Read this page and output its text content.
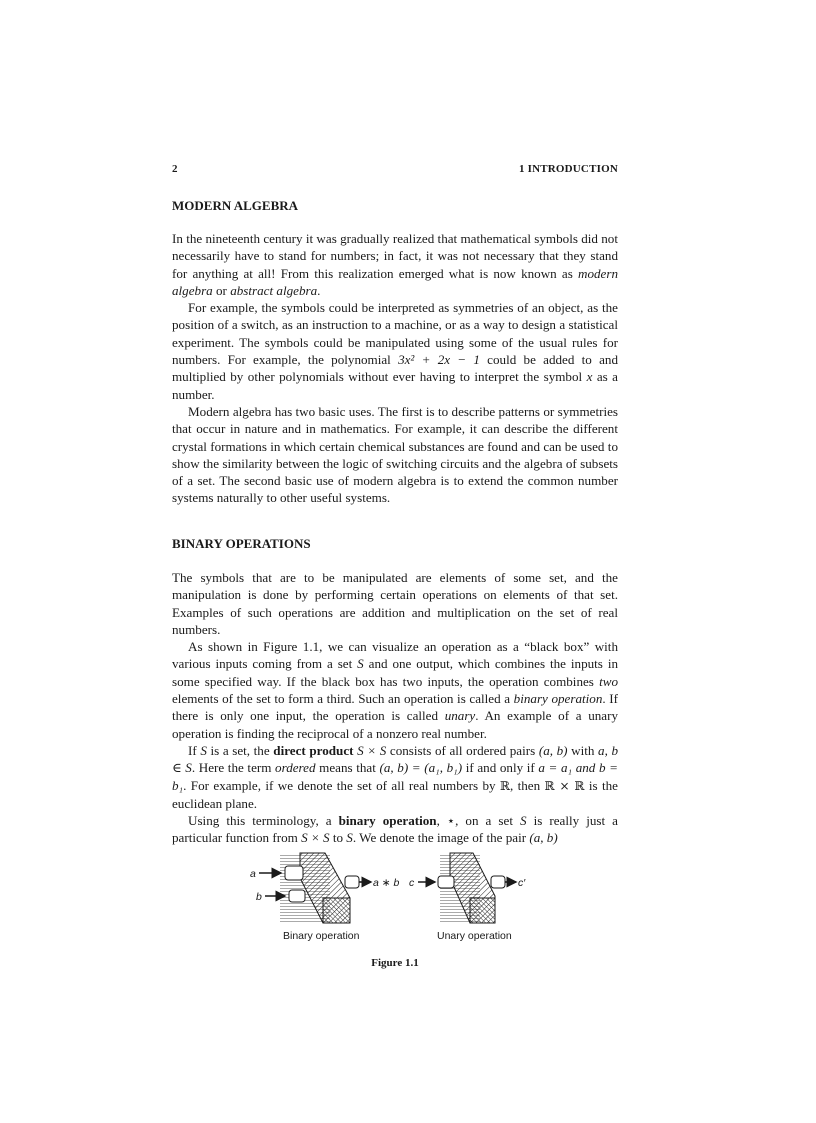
2	1 INTRODUCTION
MODERN ALGEBRA

In the nineteenth century it was gradually realized that mathematical symbols did not necessarily have to stand for numbers; in fact, it was not necessary that they stand for anything at all! From this realization emerged what is now known as modern algebra or abstract algebra.

For example, the symbols could be interpreted as symmetries of an object, as the position of a switch, as an instruction to a machine, or as a way to design a statistical experiment. The symbols could be manipulated using some of the usual rules for numbers. For example, the polynomial 3x² + 2x − 1 could be added to and multiplied by other polynomials without ever having to interpret the symbol x as a number.

Modern algebra has two basic uses. The first is to describe patterns or symmetries that occur in nature and in mathematics. For example, it can describe the different crystal formations in which certain chemical substances are found and can be used to show the similarity between the logic of switching circuits and the algebra of subsets of a set. The second basic use of modern algebra is to extend the common number systems naturally to other useful systems.

BINARY OPERATIONS

The symbols that are to be manipulated are elements of some set, and the manipulation is done by performing certain operations on elements of that set. Examples of such operations are addition and multiplication on the set of real numbers.

As shown in Figure 1.1, we can visualize an operation as a “black box” with various inputs coming from a set S and one output, which combines the inputs in some specified way. If the black box has two inputs, the operation combines two elements of the set to form a third. Such an operation is called a binary operation. If there is only one input, the operation is called unary. An example of a unary operation is finding the reciprocal of a nonzero real number.

If S is a set, the direct product S × S consists of all ordered pairs (a, b) with a, b ∈ S. Here the term ordered means that (a, b) = (a₁, b₁) if and only if a = a₁ and b = b₁. For example, if we denote the set of all real numbers by ℝ, then ℝ × ℝ is the euclidean plane.

Using this terminology, a binary operation, ⋆, on a set S is really just a particular function from S × S to S. We denote the image of the pair (a, b)

a
b
a ∗ b
Binary operation
c	c′
Unary operation
Figure 1.1
